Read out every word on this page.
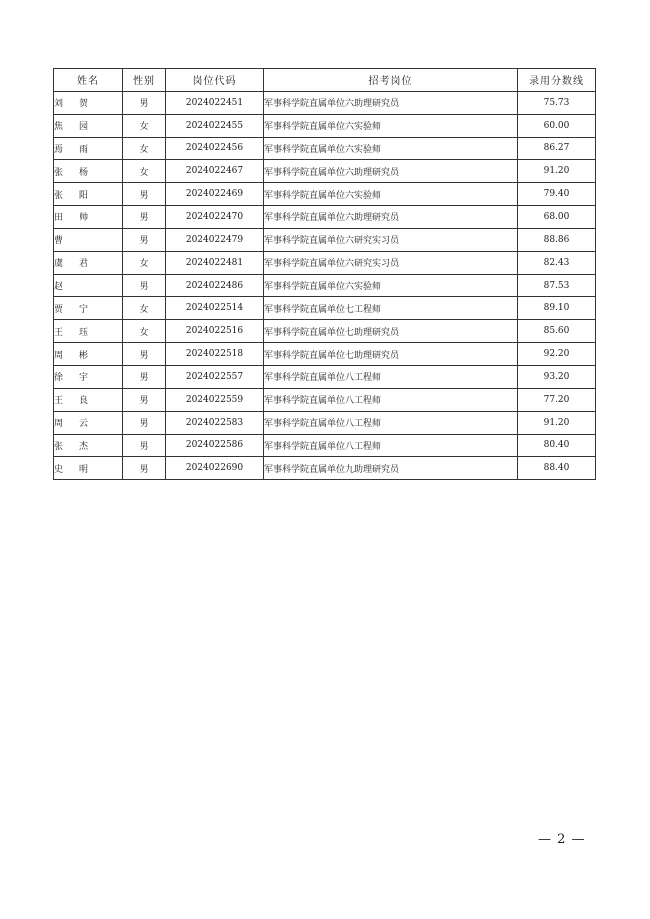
姓名	性别	岗位代码	招考岗位	录用分数线
刘贺	男	2024022451	军事科学院直属单位六助理研究员	75.73
焦园	女	2024022455	军事科学院直属单位六实验师	60.00
焉雨	女	2024022456	军事科学院直属单位六实验师	86.27
张杨	女	2024022467	军事科学院直属单位六助理研究员	91.20
张阳	男	2024022469	军事科学院直属单位六实验师	79.40
田帅	男	2024022470	军事科学院直属单位六助理研究员	68.00
曹	男	2024022479	军事科学院直属单位六研究实习员	88.86
虞君	女	2024022481	军事科学院直属单位六研究实习员	82.43
赵	男	2024022486	军事科学院直属单位六实验师	87.53
贾宁	女	2024022514	军事科学院直属单位七工程师	89.10
王珏	女	2024022516	军事科学院直属单位七助理研究员	85.60
周彬	男	2024022518	军事科学院直属单位七助理研究员	92.20
徐宇	男	2024022557	军事科学院直属单位八工程师	93.20
王良	男	2024022559	军事科学院直属单位八工程师	77.20
周云	男	2024022583	军事科学院直属单位八工程师	91.20
张杰	男	2024022586	军事科学院直属单位八工程师	80.40
史明	男	2024022690	军事科学院直属单位九助理研究员	88.40
— 2 —
